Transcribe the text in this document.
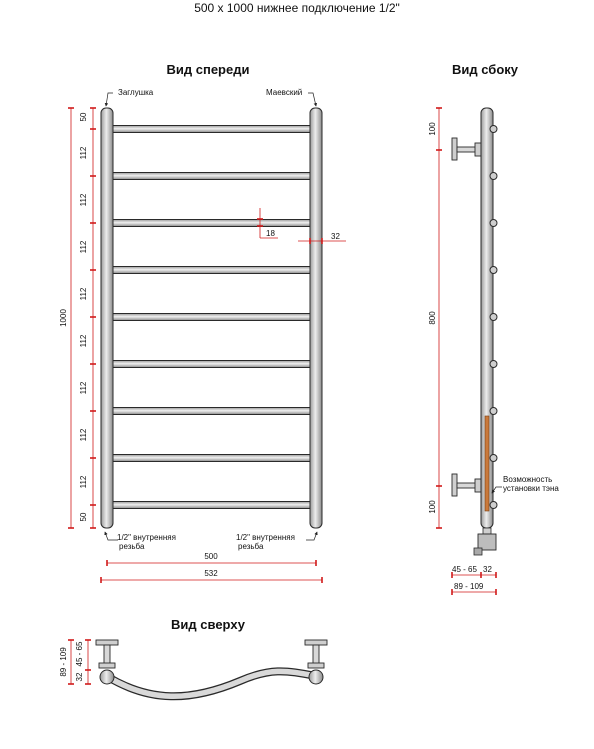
500 х 1000 нижнее подключение 1/2"
Вид спереди
Заглушка	Маевский
1/2" внутренняя
резьба
1/2" внутренняя
резьба
1000
50
50
112
112
112
112
112
112
112
112
18	32
500
532
Вид сбоку
Возможность
установки тэна
100
800
100
45 - 65 32
89 - 109
Вид сверху
89 - 109 45 - 65
32
